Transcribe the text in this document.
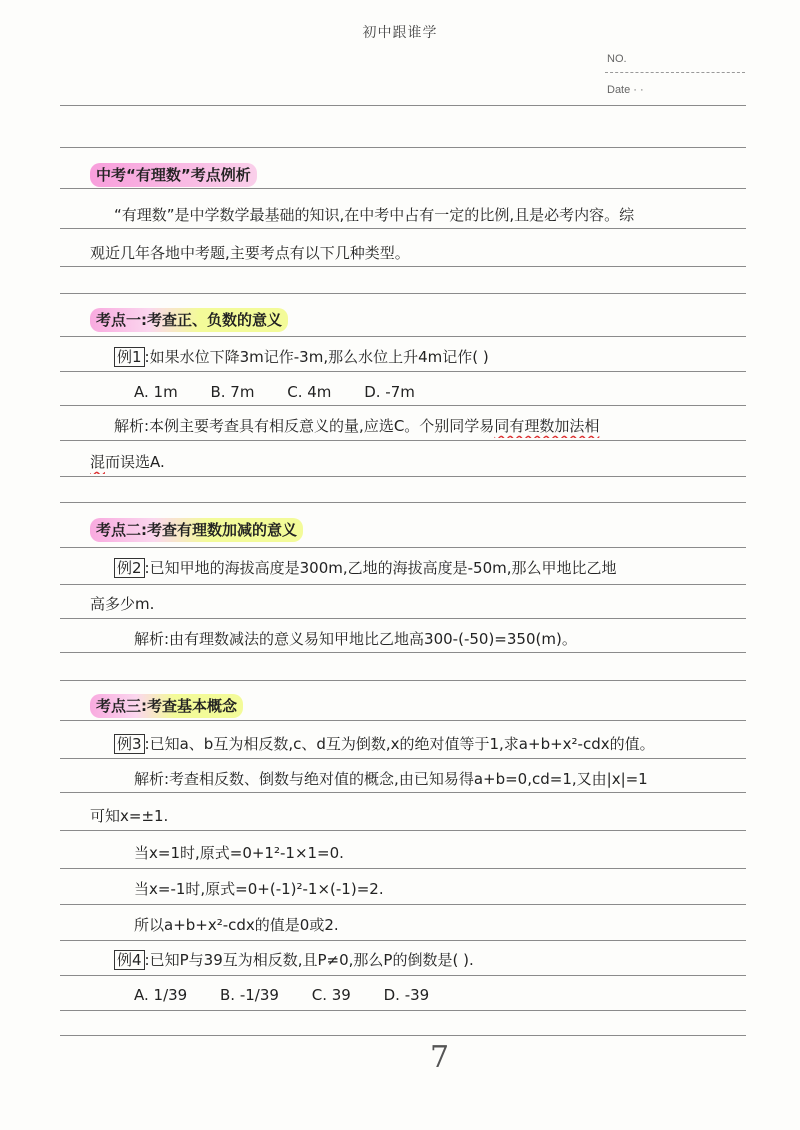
初中跟谁学
NO.
Date · ·
中考“有理数”考点例析
“有理数”是中学数学最基础的知识,在中考中占有一定的比例,且是必考内容。综
观近几年各地中考题,主要考点有以下几种类型。
考点一:考查正、负数的意义
例1 :如果水位下降3m记作-3m,那么水位上升4m记作( )
A. 1m B. 7m C. 4m D. -7m
解析:本例主要考查具有相反意义的量,应选C。个别同学易同有理数加法相
混而误选A.
考点二:考查有理数加减的意义
例2 :已知甲地的海拔高度是300m,乙地的海拔高度是-50m,那么甲地比乙地
高多少m.
解析:由有理数减法的意义易知甲地比乙地高300-(-50)=350(m)。
考点三:考查基本概念
例3 :已知a、b互为相反数,c、d互为倒数,x的绝对值等于1,求a+b+x²-cdx的值。
解析:考查相反数、倒数与绝对值的概念,由已知易得a+b=0,cd=1,又由|x|=1
可知x=±1.
当x=1时,原式=0+1²-1×1=0.
当x=-1时,原式=0+(-1)²-1×(-1)=2.
所以a+b+x²-cdx的值是0或2.
例4 :已知P与39互为相反数,且P≠0,那么P的倒数是( ).
A. 1/39 B. -1/39 C. 39 D. -39
7
